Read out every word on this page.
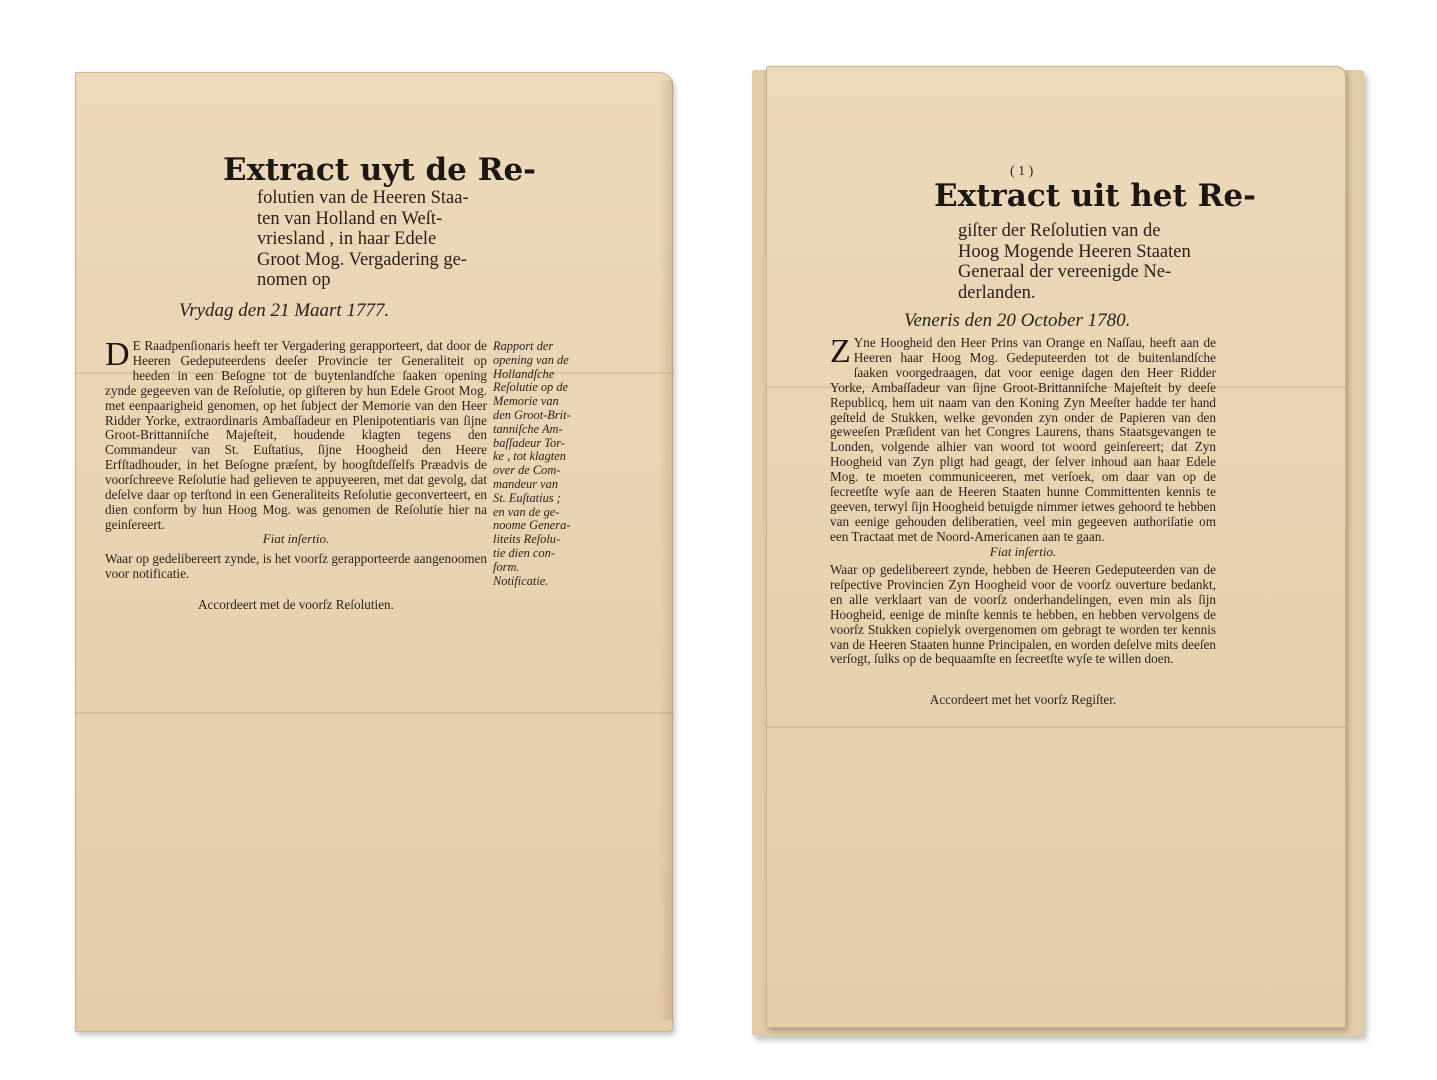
Extract uyt de Re-
folutien van de Heeren Staa-
ten van Holland en Weſt-
vriesland , in haar Edele
Groot Mog. Vergadering ge-
nomen op

Vrydag den 21 Maart 1777.

D E Raadpenſionaris heeft ter Vergadering gerapporteert, dat door de Heeren Gedeputeerdens deeſer Provincie ter Generaliteit op heeden in een Beſogne tot de buytenlandſche ſaaken opening zynde gegeeven van de Reſolutie, op giſteren by hun Edele Groot Mog. met eenpaarigheid genomen, op het ſubject der Memorie van den Heer Ridder Yorke, extraordinaris Ambaſſadeur en Plenipotentiaris van ſijne Groot-Brittanniſche Majeſteit, houdende klagten tegens den Commandeur van St. Euſtatius, ſijne Hoogheid den Heere Erfſtadhouder, in het Beſogne præſent, by hoogſtdeſſelfs Præadvis de voorſchreeve Reſolutie had gelieven te appuyeeren, met dat gevolg, dat deſelve daar op terſtond in een Generaliteits Reſolutie geconverteert, en dien conform by hun Hoog Mog. was genomen de Reſolutie hier na geinſereert.

Fiat inſertio.

Waar op gedelibereert zynde, is het voorſz gerapporteerde aangenoomen voor notificatie.

Accordeert met de voorſz Reſolutien.

Rapport der
opening van de
Hollandſche
Reſolutie op de
Memorie van
den Groot-Brit-
tanniſche Am-
baſſadeur Tor-
ke , tot klagten
over de Com-
mandeur van
St. Euſtatius ;
en van de ge-
noome Genera-
liteits Reſolu-
tie dien con-
form.
Notificatie.

( 1 )

Extract uit het Re-
giſter der Reſolutien van de
Hoog Mogende Heeren Staaten
Generaal der vereenigde Ne-
derlanden.

Veneris den 20 October 1780.

Z Yne Hoogheid den Heer Prins van Orange en Naſſau, heeft aan de Heeren haar Hoog Mog. Gedeputeerden tot de buitenlandſche ſaaken voorgedraagen, dat voor eenige dagen den Heer Ridder Yorke, Ambaſſadeur van ſijne Groot-Brittanniſche Majeſteit by deeſe Republicq, hem uit naam van den Koning Zyn Meeſter hadde ter hand geſteld de Stukken, welke gevonden zyn onder de Papieren van den geweeſen Præſident van het Congres Laurens, thans Staatsgevangen te Londen, volgende alhier van woord tot woord geinſereert; dat Zyn Hoogheid van Zyn pligt had geagt, der ſelver inhoud aan haar Edele Mog. te moeten communiceeren, met verſoek, om daar van op de ſecreetſte wyſe aan de Heeren Staaten hunne Committenten kennis te geeven, terwyl ſijn Hoogheid betuigde nimmer ietwes gehoord te hebben van eenige gehouden deliberatien, veel min gegeeven authoriſatie om een Tractaat met de Noord-Americanen aan te gaan.

Fiat inſertio.

Waar op gedelibereert zynde, hebben de Heeren Gedeputeerden van de reſpective Provincien Zyn Hoogheid voor de voorſz ouverture bedankt, en alle verklaart van de voorſz onderhandelingen, even min als ſijn Hoogheid, eenige de minſte kennis te hebben, en hebben vervolgens de voorſz Stukken copielyk overgenomen om gebragt te worden ter kennis van de Heeren Staaten hunne Principalen, en worden deſelve mits deeſen verſogt, ſulks op de bequaamſte en ſecreetſte wyſe te willen doen.

Accordeert met het voorſz Regiſter.
